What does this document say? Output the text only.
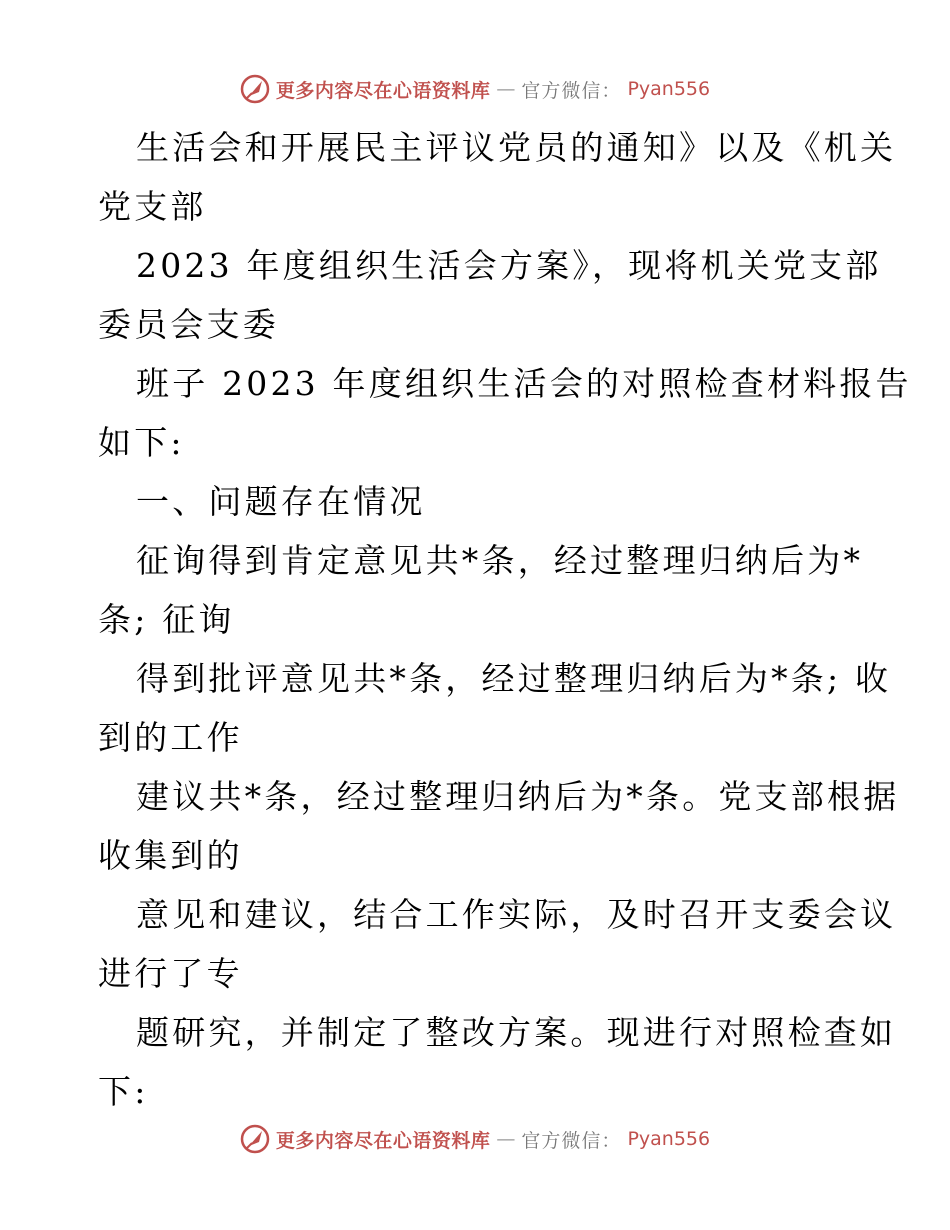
更多内容尽在心语资料库 — 官方微信： Pyan556
生活会和开展民主评议党员的通知》以及《机关
党支部
2023 年度组织生活会方案》，现将机关党支部
委员会支委
班子 2023 年度组织生活会的对照检查材料报告
如下:
一、问题存在情况
征询得到肯定意见共*条，经过整理归纳后为*
条; 征询
得到批评意见共*条，经过整理归纳后为*条; 收
到的工作
建议共*条，经过整理归纳后为*条。党支部根据
收集到的
意见和建议，结合工作实际，及时召开支委会议
进行了专
题研究，并制定了整改方案。现进行对照检查如
下:
更多内容尽在心语资料库 — 官方微信： Pyan556
